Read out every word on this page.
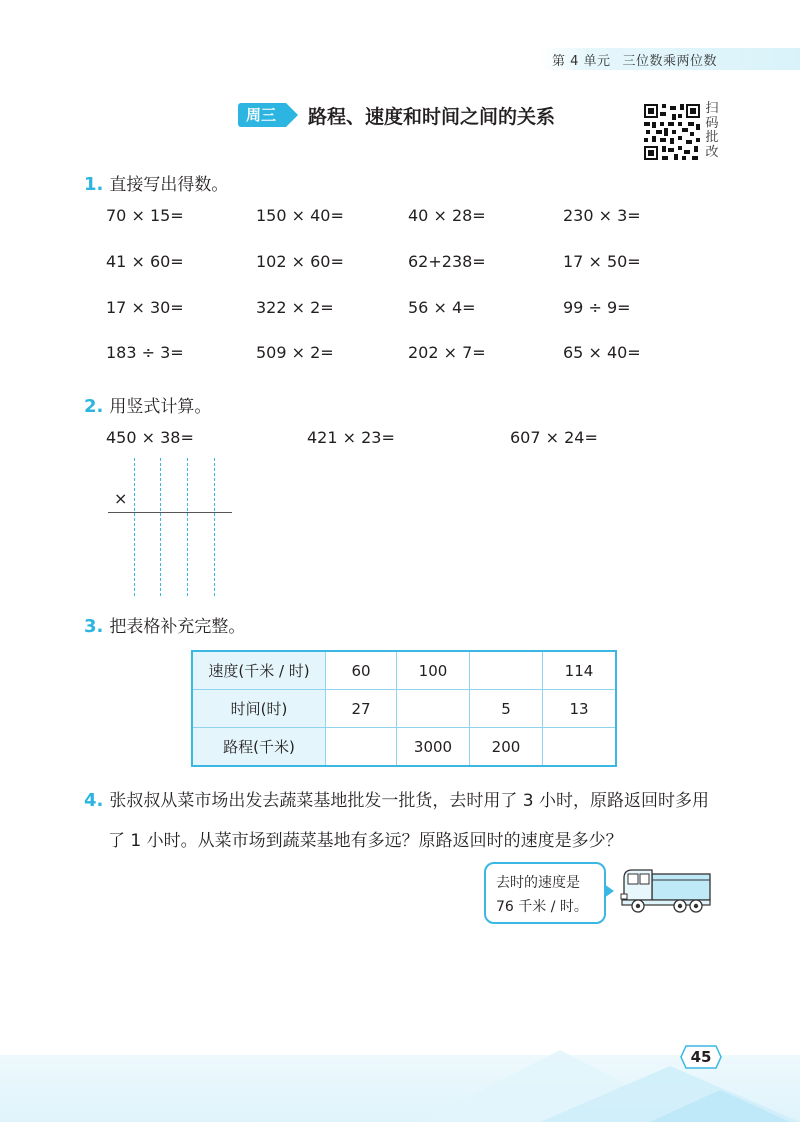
第 4 单元 三位数乘两位数
周三	路程、速度和时间之间的关系	扫码批改
1. 直接写出得数。
70 × 15=	150 × 40=	40 × 28=	230 × 3=
41 × 60=	102 × 60=	62+238=	17 × 50=
17 × 30=	322 × 2=	56 × 4=	99 ÷ 9=
183 ÷ 3=	509 × 2=	202 × 7=	65 × 40=
2. 用竖式计算。
450 × 38=	421 × 23=	607 × 24=
×
3. 把表格补充完整。
速度(千米 / 时)	60	100		114
时间(时)	27		5	13
路程(千米)		3000	200	
4. 张叔叔从菜市场出发去蔬菜基地批发一批货，去时用了 3 小时，原路返回时多用
了 1 小时。从菜市场到蔬菜基地有多远？原路返回时的速度是多少？
去时的速度是
76 千米 / 时。
45
